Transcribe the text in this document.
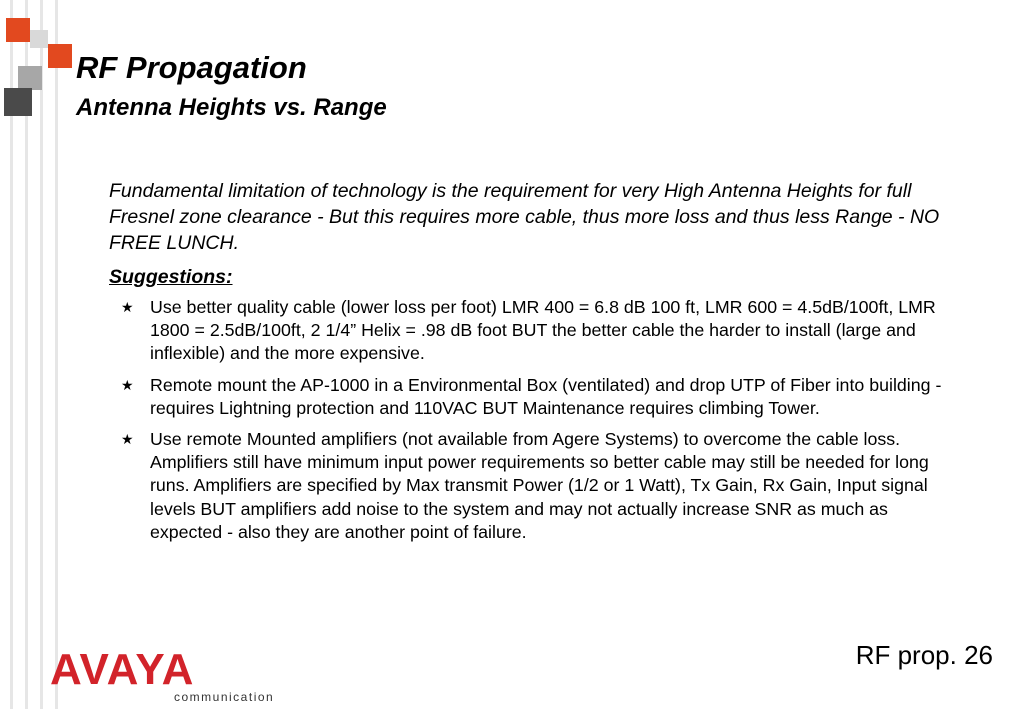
RF Propagation
Antenna Heights vs. Range

Fundamental limitation of technology is the requirement for very High Antenna Heights for full Fresnel zone clearance - But this requires more cable, thus more loss and thus less Range - NO FREE LUNCH.

Suggestions:
★ Use better quality cable (lower loss per foot) LMR 400 = 6.8 dB 100 ft, LMR 600 = 4.5dB/100ft, LMR 1800 = 2.5dB/100ft, 2 1/4” Helix = .98 dB foot BUT the better cable the harder to install (large and inflexible) and the more expensive.
★ Remote mount the AP-1000 in a Environmental Box (ventilated) and drop UTP of Fiber into building - requires Lightning protection and 110VAC BUT Maintenance requires climbing Tower.
★ Use remote Mounted amplifiers (not available from Agere Systems) to overcome the cable loss. Amplifiers still have minimum input power requirements so better cable may still be needed for long runs. Amplifiers are specified by Max transmit Power (1/2 or 1 Watt), Tx Gain, Rx Gain, Input signal levels BUT amplifiers add noise to the system and may not actually increase SNR as much as expected - also they are another point of failure.
AVAYA
communication
RF prop. 26
